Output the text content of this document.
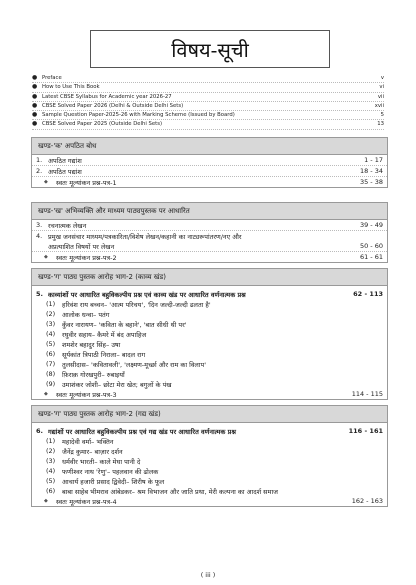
विषय-सूची
● Preface	v
● How to Use This Book	vi
● Latest CBSE Syllabus for Academic year 2026-27	vii
● CBSE Solved Paper 2026 (Delhi & Outside Delhi Sets)	xvii
● Sample Question Paper-2025-26 with Marking Scheme (Issued by Board)	5
● CBSE Solved Paper 2025 (Outside Delhi Sets)	13
खण्ड-'क' अपठित बोध
1. अपठित गद्यांश	1 - 17
2. अपठित पद्यांश	18 - 34
◆	स्वतः मूल्यांकन प्रश्न-पत्र-1	35 - 38
खण्ड-'ख' अभिव्यक्ति और माध्यम पाठ्यपुस्तक पर आधारित
3. रचनात्मक लेखन	39 - 49
4. प्रमुख जनसंचार माध्यम/पत्रकारिता/विशेष लेखन/कहानी का नाट्यरूपांतरण/नए और
अप्रत्याशित विषयों पर लेखन	50 - 60
◆	स्वतः मूल्यांकन प्रश्न-पत्र-2	61 - 61
खण्ड-'ग' पाठ्य पुस्तक आरोह भाग-2 (काव्य खंड)
5. काव्यांशों पर आधारित बहुविकल्पीय प्रश्न एवं काव्य खंड पर आधारित वर्णनात्मक प्रश्न	62 - 113
(1)	हरिवंश राय बच्चन– 'आत्म परिचय', 'दिन जल्दी-जल्दी ढलता है'
(2)	आलोक धन्वा– पतंग
(3)	कुँवर नारायण– 'कविता के बहाने', 'बात सीधी थी पर'
(4)	रघुवीर सहाय– कैमरे में बंद अपाहिज
(5)	शमशेर बहादुर सिंह– उषा
(6)	सूर्यकांत त्रिपाठी निराला– बादल राग
(7)	तुलसीदास– 'कवितावली', 'लक्ष्मण-मूर्च्छा और राम का विलाप'
(8)	फ़िराक़ गोरखपुरी– रुबाइयाँ
(9)	उमाशंकर जोशी– छोटा मेरा खेत; बगुलों के पंख
◆	स्वतः मूल्यांकन प्रश्न-पत्र-3	114 - 115
खण्ड-'ग' पाठ्य पुस्तक आरोह भाग-2 (गद्य खंड)
6. गद्यांशों पर आधारित बहुविकल्पीय प्रश्न एवं गद्य खंड पर आधारित वर्णनात्मक प्रश्न	116 - 161
(1)	महादेवी वर्मा– भक्तिन
(2)	जैनेंद्र कुमार– बाज़ार दर्शन
(3)	धर्मवीर भारती– काले मेघा पानी दे
(4)	फणीश्वर नाथ 'रेणु'– पहलवान की ढोलक
(5)	आचार्य हजारी प्रसाद द्विवेदी– शिरीष के फूल
(6)	बाबा साहेब भीमराव आंबेडकर– श्रम विभाजन और जाति प्रथा, मेरी कल्पना का आदर्श समाज
◆	स्वतः मूल्यांकन प्रश्न-पत्र-4	162 - 163
( iii )
